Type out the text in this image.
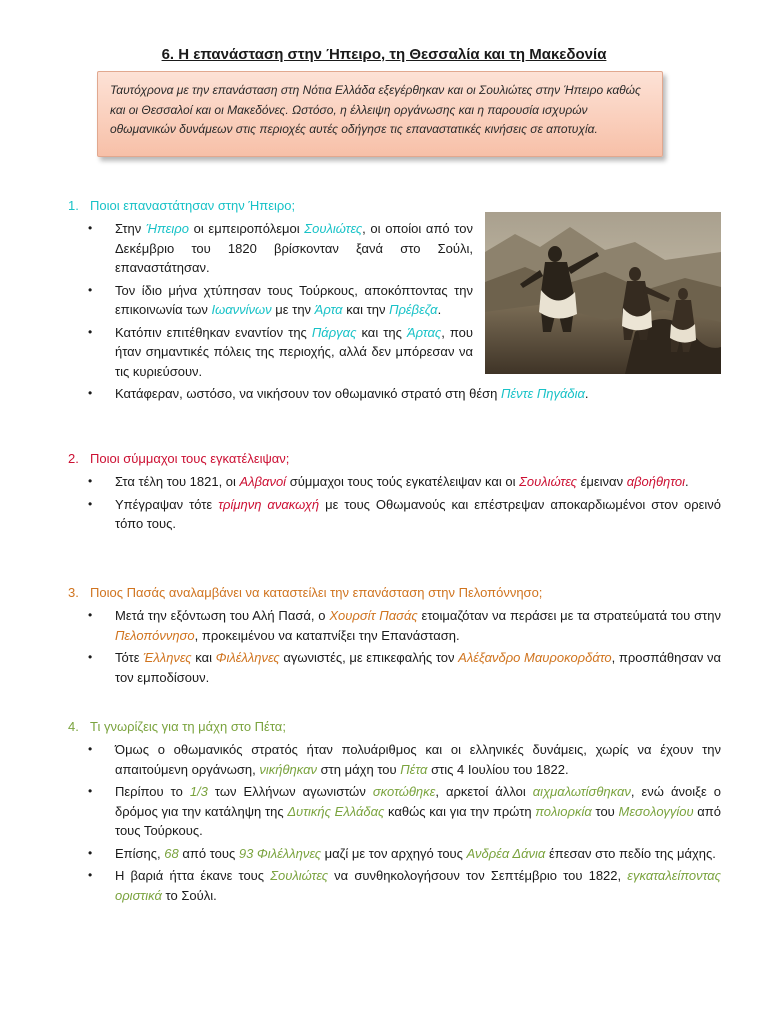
6. Η επανάσταση στην Ήπειρο, τη Θεσσαλία και τη Μακεδονία
Ταυτόχρονα με την επανάσταση στη Νότια Ελλάδα εξεγέρθηκαν και οι Σουλιώτες στην Ήπειρο καθώς και οι Θεσσαλοί και οι Μακεδόνες. Ωστόσο, η έλλειψη οργάνωσης και η παρουσία ισχυρών οθωμανικών δυνάμεων στις περιοχές αυτές οδήγησε τις επαναστατικές κινήσεις σε αποτυχία.
1. Ποιοι επαναστάτησαν στην Ήπειρο;
• Στην Ήπειρο οι εμπειροπόλεμοι Σουλιώτες, οι οποίοι από τον Δεκέμβριο του 1820 βρίσκονταν ξανά στο Σούλι, επαναστάτησαν.
• Τον ίδιο μήνα χτύπησαν τους Τούρκους, αποκόπτοντας την επικοινωνία των Ιωαννίνων με την Άρτα και την Πρέβεζα.
• Κατόπιν επιτέθηκαν εναντίον της Πάργας και της Άρτας, που ήταν σημαντικές πόλεις της περιοχής, αλλά δεν μπόρεσαν να τις κυριεύσουν.
• Κατάφεραν, ωστόσο, να νικήσουν τον οθωμανικό στρατό στη θέση Πέντε Πηγάδια.
2. Ποιοι σύμμαχοι τους εγκατέλειψαν;
• Στα τέλη του 1821, οι Αλβανοί σύμμαχοι τους τούς εγκατέλειψαν και οι Σουλιώτες έμειναν αβοήθητοι.
• Υπέγραψαν τότε τρίμηνη ανακωχή με τους Οθωμανούς και επέστρεψαν αποκαρδιωμένοι στον ορεινό τόπο τους.
3. Ποιος Πασάς αναλαμβάνει να καταστείλει την επανάσταση στην Πελοπόννησο;
• Μετά την εξόντωση του Αλή Πασά, ο Χουρσίτ Πασάς ετοιμαζόταν να περάσει με τα στρατεύματά του στην Πελοπόννησο, προκειμένου να καταπνίξει την Επανάσταση.
• Τότε Έλληνες και Φιλέλληνες αγωνιστές, με επικεφαλής τον Αλέξανδρο Μαυροκορδάτο, προσπάθησαν να τον εμποδίσουν.
4. Τι γνωρίζεις για τη μάχη στο Πέτα;
• Όμως ο οθωμανικός στρατός ήταν πολυάριθμος και οι ελληνικές δυνάμεις, χωρίς να έχουν την απαιτούμενη οργάνωση, νικήθηκαν στη μάχη του Πέτα στις 4 Ιουλίου του 1822.
• Περίπου το 1/3 των Ελλήνων αγωνιστών σκοτώθηκε, αρκετοί άλλοι αιχμαλωτίσθηκαν, ενώ άνοιξε ο δρόμος για την κατάληψη της Δυτικής Ελλάδας καθώς και για την πρώτη πολιορκία του Μεσολογγίου από τους Τούρκους.
• Επίσης, 68 από τους 93 Φιλέλληνες μαζί με τον αρχηγό τους Ανδρέα Δάνια έπεσαν στο πεδίο της μάχης.
• Η βαριά ήττα έκανε τους Σουλιώτες να συνθηκολογήσουν τον Σεπτέμβριο του 1822, εγκαταλείποντας οριστικά το Σούλι.
